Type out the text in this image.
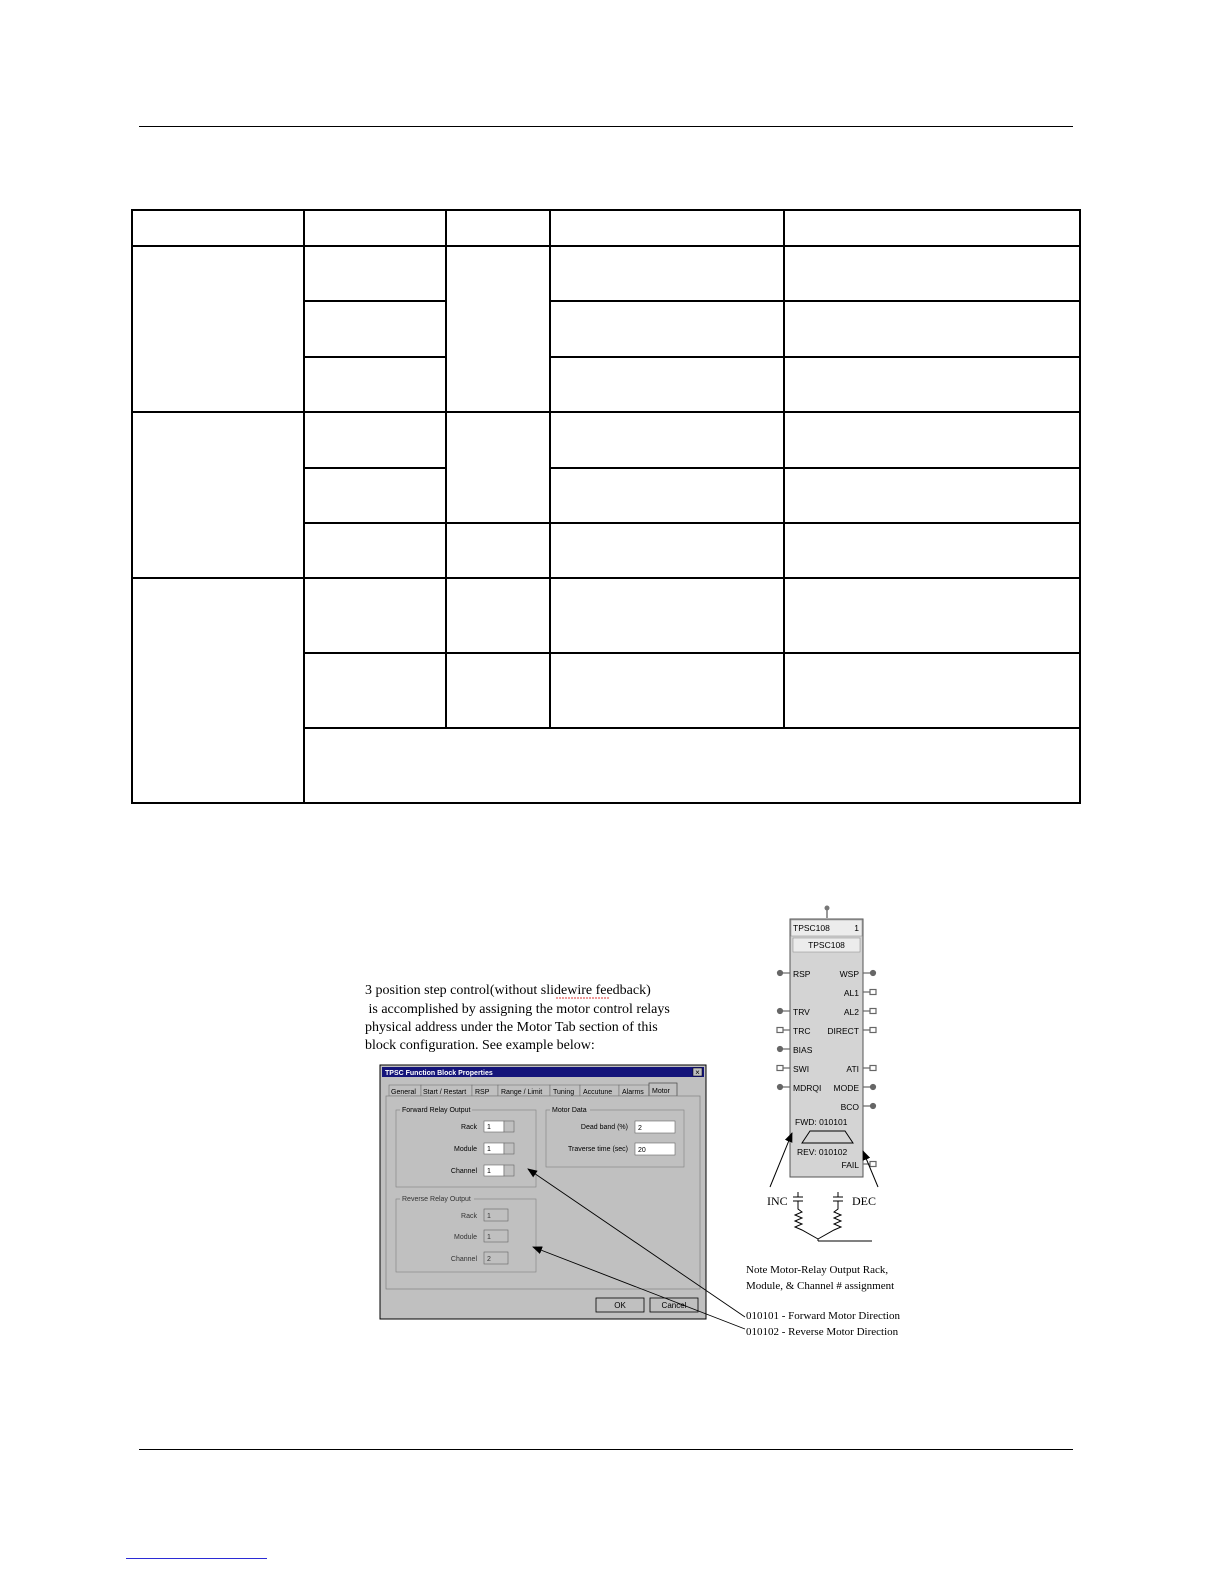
3 position step control(without slidewire feedback)
is accomplished by assigning the motor control relays
physical address under the Motor Tab section of this
block configuration. See example below:
TPSC Function Block Properties	×
General Start / Restart RSP Range / Limit Tuning Accutune Alarms Motor
Forward Relay Output
Rack 1
Module 1
Channel 1
Motor Data
Dead band (%) 2
Traverse time (sec) 20
Reverse Relay Output
Rack 1
Module 1
Channel 2
OK	Cancel
TPSC108	1
TPSC108
RSP	WSP
AL1
TRV	AL2
TRC DIRECT
BIAS
SWI	ATI
MDRQI MODE
BCO
FWD: 010101
REV: 010102
FAIL
INC	DEC
Note Motor-Relay Output Rack,
Module, & Channel # assignment
010101 - Forward Motor Direction
010102 - Reverse Motor Direction
